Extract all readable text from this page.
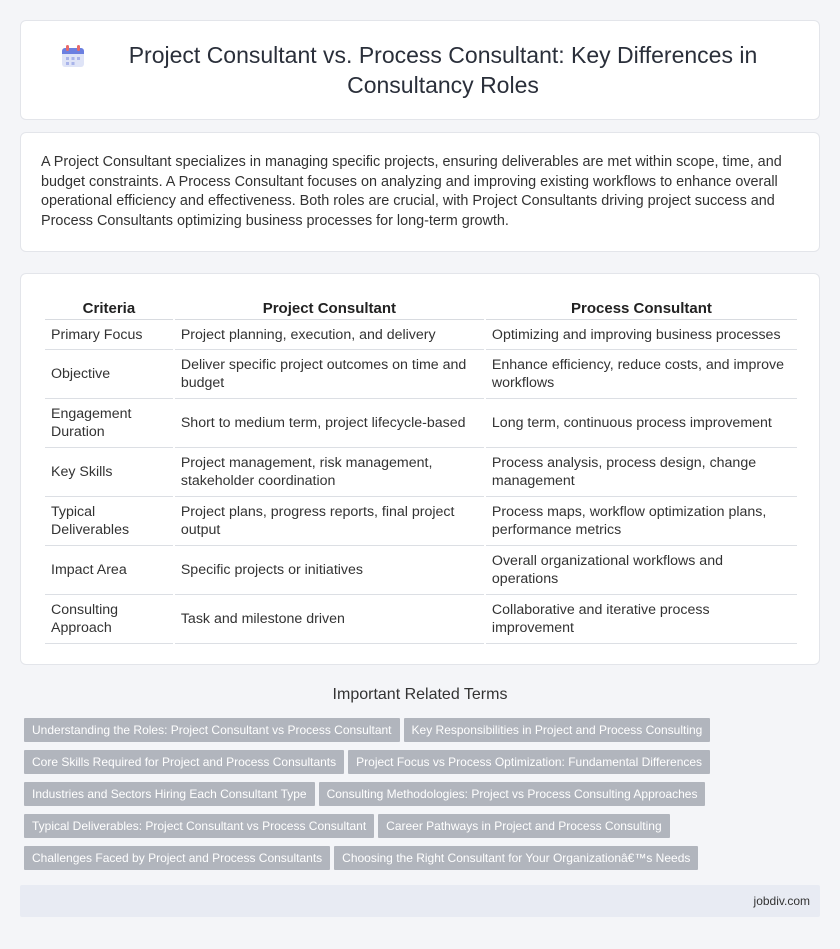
Project Consultant vs. Process Consultant: Key Differences in Consultancy Roles

A Project Consultant specializes in managing specific projects, ensuring deliverables are met within scope, time, and budget constraints. A Process Consultant focuses on analyzing and improving existing workflows to enhance overall operational efficiency and effectiveness. Both roles are crucial, with Project Consultants driving project success and Process Consultants optimizing business processes for long-term growth.

Criteria	Project Consultant	Process Consultant
Primary Focus	Project planning, execution, and delivery	Optimizing and improving business processes
Objective	Deliver specific project outcomes on time and budget	Enhance efficiency, reduce costs, and improve workflows
Engagement Duration	Short to medium term, project lifecycle-based	Long term, continuous process improvement
Key Skills	Project management, risk management, stakeholder coordination	Process analysis, process design, change management
Typical Deliverables	Project plans, progress reports, final project output	Process maps, workflow optimization plans, performance metrics
Impact Area	Specific projects or initiatives	Overall organizational workflows and operations
Consulting Approach	Task and milestone driven	Collaborative and iterative process improvement
Important Related Terms
Understanding the Roles: Project Consultant vs Process Consultant Key Responsibilities in Project and Process Consulting
Core Skills Required for Project and Process Consultants Project Focus vs Process Optimization: Fundamental Differences
Industries and Sectors Hiring Each Consultant Type Consulting Methodologies: Project vs Process Consulting Approaches
Typical Deliverables: Project Consultant vs Process Consultant Career Pathways in Project and Process Consulting
Challenges Faced by Project and Process Consultants Choosing the Right Consultant for Your Organizationâ€™s Needs
jobdiv.com
